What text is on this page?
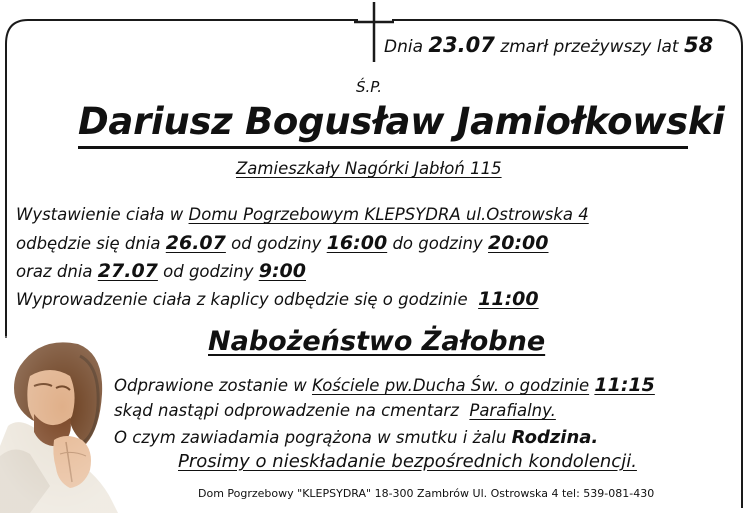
Dnia 23.07 zmarł przeżywszy lat 58
Ś.P.
Dariusz Bogusław Jamiołkowski
Zamieszkały Nagórki Jabłoń 115
Wystawienie ciała w Domu Pogrzebowym KLEPSYDRA ul.Ostrowska 4
odbędzie się dnia 26.07 od godziny 16:00 do godziny 20:00
oraz dnia 27.07 od godziny 9:00
Wyprowadzenie ciała z kaplicy odbędzie się o godzinie 11:00
Nabożeństwo Żałobne
Odprawione zostanie w Kościele pw.Ducha Św. o godzinie 11:15
skąd nastąpi odprowadzenie na cmentarz Parafialny.
O czym zawiadamia pogrążona w smutku i żalu Rodzina.
Prosimy o nieskładanie bezpośrednich kondolencji.
Dom Pogrzebowy "KLEPSYDRA" 18-300 Zambrów Ul. Ostrowska 4 tel: 539-081-430
